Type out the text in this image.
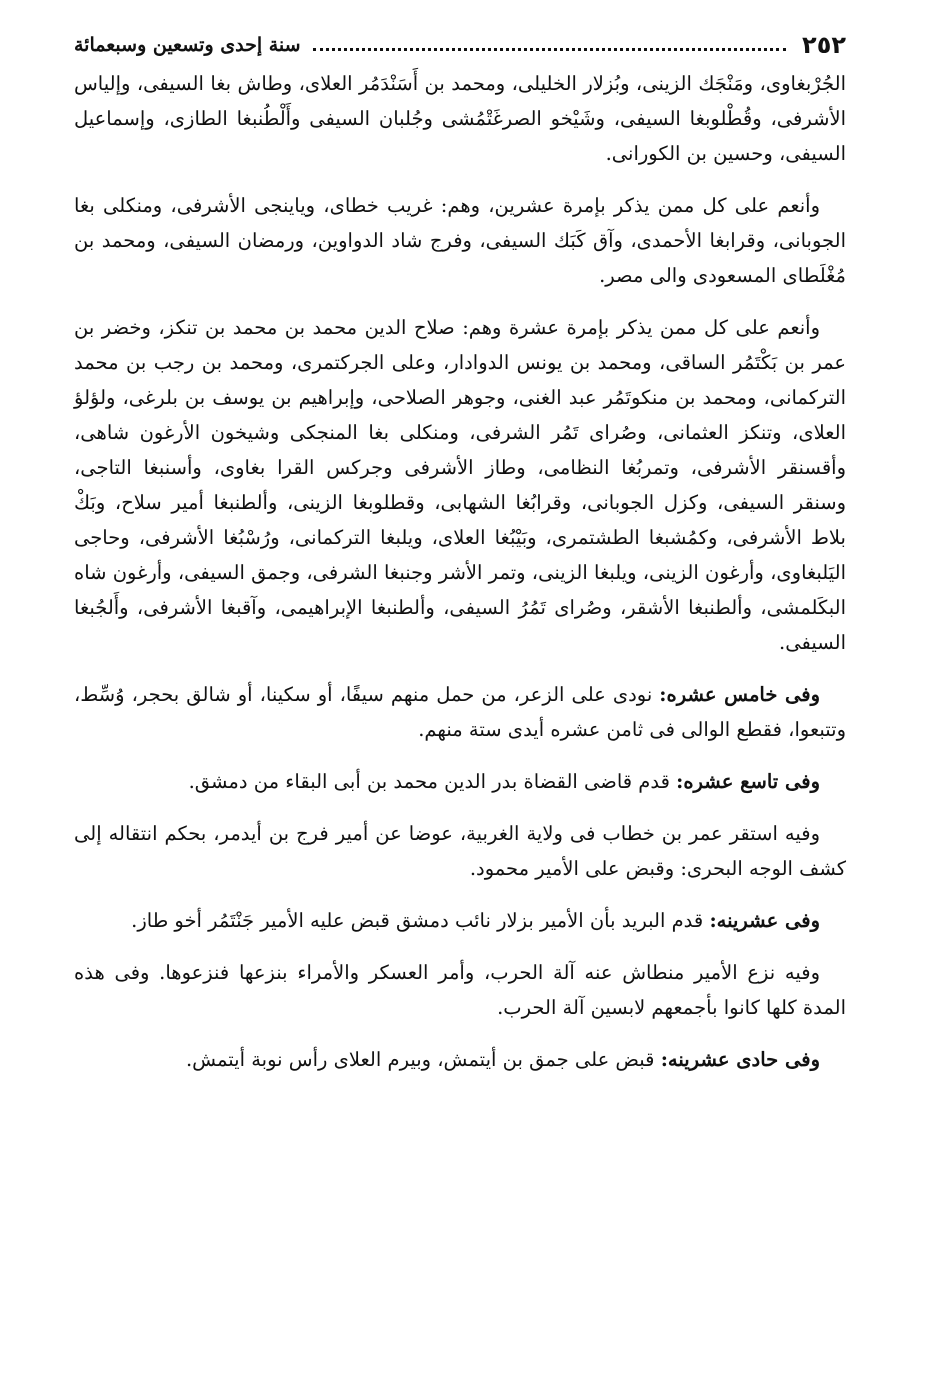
٢٥٢
سنة إحدى وتسعين وسبعمائة

الجُرْبغاوى، ومَنْجَك الزينى، وبُزلار الخليلى، ومحمد بن أَسَنْدَمُر العلاى، وطاش بغا السيفى، وإلياس الأشرفى، وقُطْلوبغا السيفى، وشَيْخو الصرغَتْمُشى وجُلبان السيفى وأَلْطُنبغا الطازى، وإسماعيل السيفى، وحسين بن الكورانى.

وأنعم على كل ممن يذكر بإمرة عشرين، وهم: غريب خطاى، وياينجى الأشرفى، ومنكلى بغا الجوبانى، وقرابغا الأحمدى، وآق كَبَك السيفى، وفرج شاد الدواوين، ورمضان السيفى، ومحمد بن مُغْلَطاى المسعودى والى مصر.

وأنعم على كل ممن يذكر بإمرة عشرة وهم: صلاح الدين محمد بن محمد بن تنكز، وخضر بن عمر بن بَكْتَمُر الساقى، ومحمد بن يونس الدوادار، وعلى الجركتمرى، ومحمد بن رجب بن محمد التركمانى، ومحمد بن منكوتَمُر عبد الغنى، وجوهر الصلاحى، وإبراهيم بن يوسف بن بلرغى، ولؤلؤ العلاى، وتنكز العثمانى، وصُراى تَمُر الشرفى، ومنكلى بغا المنجكى وشيخون الأرغون شاهى، وأقسنقر الأشرفى، وتمربُغا النظامى، وطاز الأشرفى وجركس القرا بغاوى، وأسنبغا التاجى، وسنقر السيفى، وكزل الجوبانى، وقرابُغا الشهابى، وقطلوبغا الزينى، وألطنبغا أمير سلاح، وبَكْ بلاط الأشرفى، وكمُشبغا الطشتمرى، وبَيْبُغا العلاى، ويلبغا التركمانى، ورُسْبُغا الأشرفى، وحاجى اليَلبغاوى، وأرغون الزينى، ويلبغا الزينى، وتمر الأشر وجنبغا الشرفى، وجمق السيفى، وأرغون شاه البكَلمشى، وألطنبغا الأشقر، وصُراى تَمُرُ السيفى، وألطنبغا الإبراهيمى، وآقبغا الأشرفى، وأَلجُبغا السيفى.

وفى خامس عشره: نودى على الزعر، من حمل منهم سيفًا، أو سكينا، أو شالق بحجر، وُسِّط، وتتبعوا، فقطع الوالى فى ثامن عشره أيدى ستة منهم.

وفى تاسع عشره: قدم قاضى القضاة بدر الدين محمد بن أبى البقاء من دمشق.

وفيه استقر عمر بن خطاب فى ولاية الغربية، عوضا عن أمير فرج بن أيدمر، بحكم انتقاله إلى كشف الوجه البحرى: وقبض على الأمير محمود.

وفى عشرينه: قدم البريد بأن الأمير بزلار نائب دمشق قبض عليه الأمير جَنْتَمُر أخو طاز.

وفيه نزع الأمير منطاش عنه آلة الحرب، وأمر العسكر والأمراء بنزعها فنزعوها. وفى هذه المدة كلها كانوا بأجمعهم لابسين آلة الحرب.

وفى حادى عشرينه: قبض على جمق بن أيتمش، وبيرم العلاى رأس نوبة أيتمش.
